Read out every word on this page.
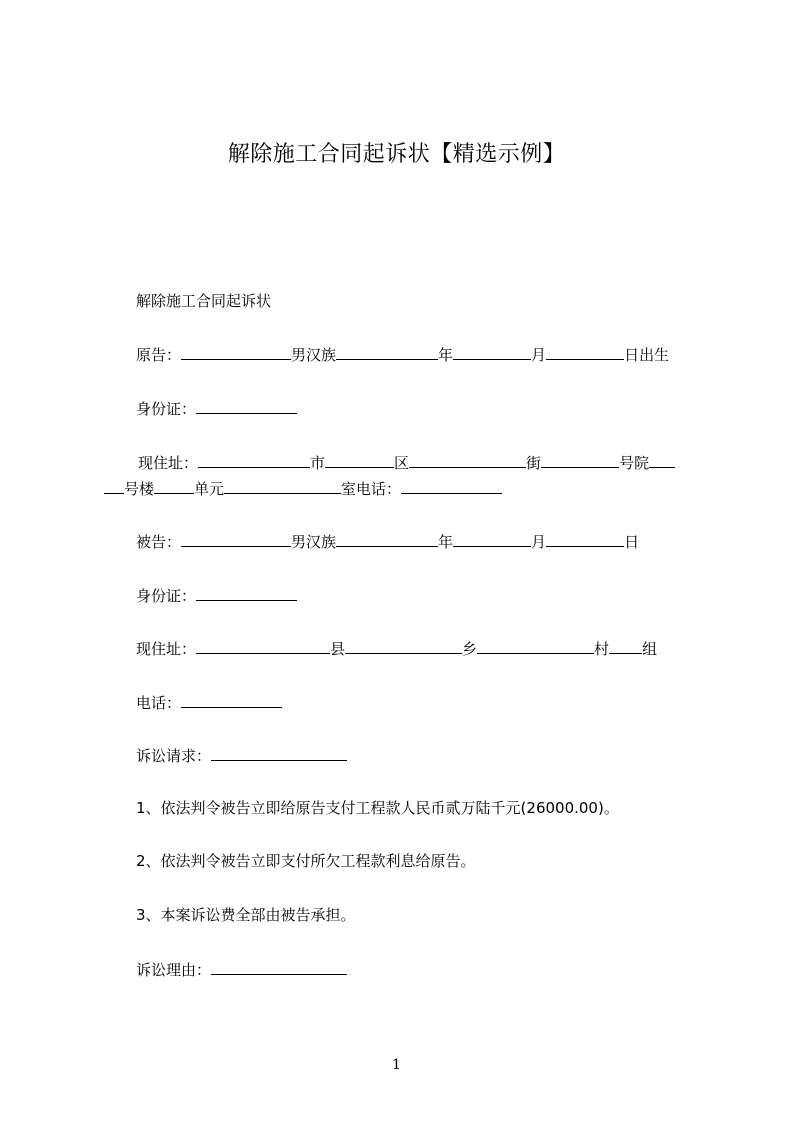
解除施工合同起诉状【精选示例】
解除施工合同起诉状
原告：	男汉族	年	月	日出生
身份证：
现住址：	市	区	街	号院
号楼	单元	室电话：
被告：	男汉族	年	月	日
身份证：
现住址：	县	乡	村 组
电话：
诉讼请求：
1、依法判令被告立即给原告支付工程款人民币贰万陆千元(26000.00)。
2、依法判令被告立即支付所欠工程款利息给原告。
3、本案诉讼费全部由被告承担。
诉讼理由：
1
